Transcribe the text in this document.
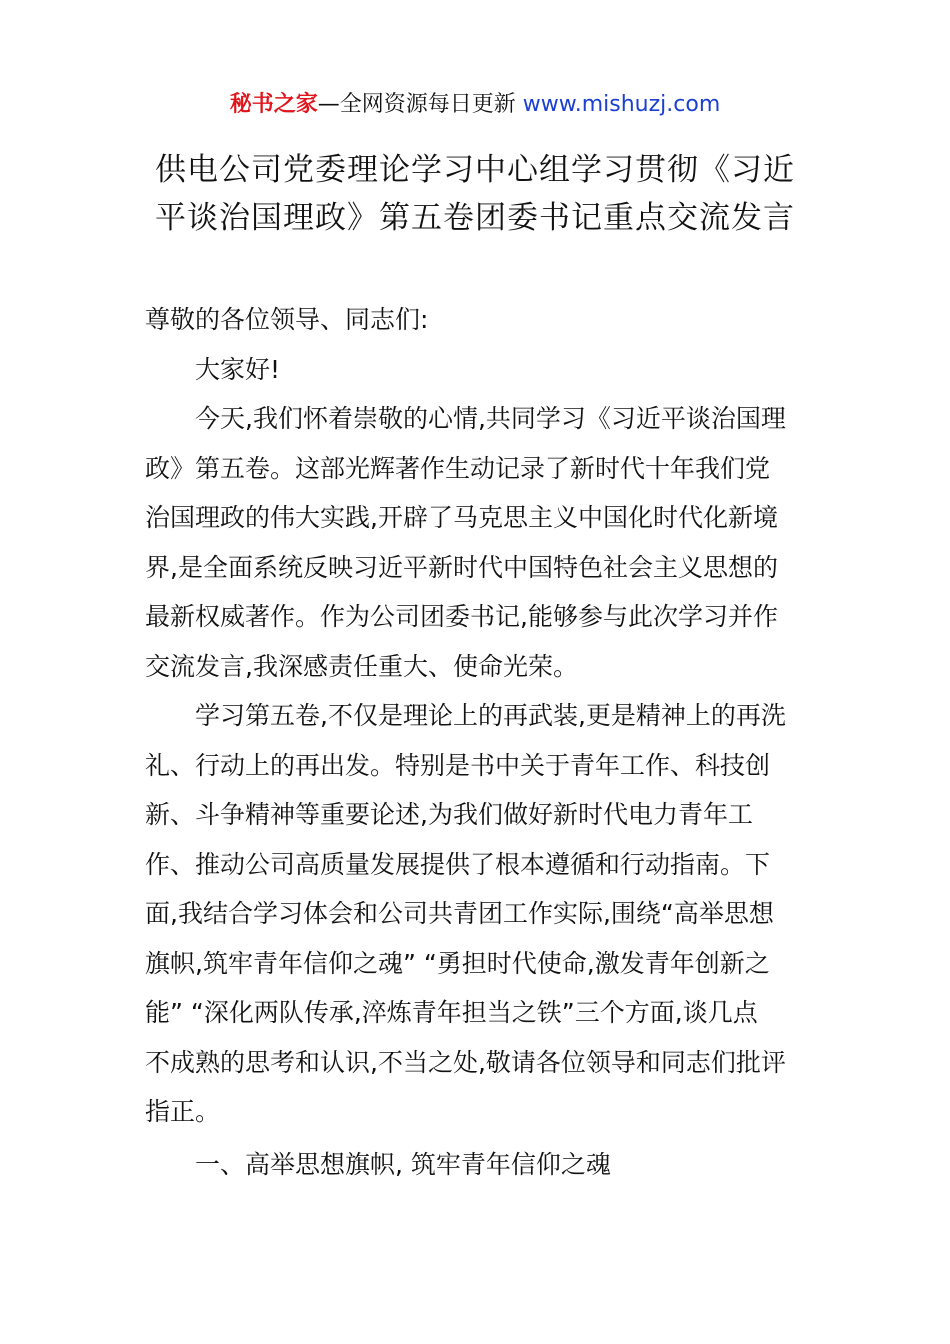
秘书之家—全网资源每日更新 www.mishuzj.com
供电公司党委理论学习中心组学习贯彻《习近
平谈治国理政》第五卷团委书记重点交流发言

尊敬的各位领导、同志们:

大家好!

今天,我们怀着崇敬的心情,共同学习《习近平谈治国理
政》第五卷。这部光辉著作生动记录了新时代十年我们党
治国理政的伟大实践,开辟了马克思主义中国化时代化新境
界,是全面系统反映习近平新时代中国特色社会主义思想的
最新权威著作。作为公司团委书记,能够参与此次学习并作
交流发言,我深感责任重大、使命光荣。

学习第五卷,不仅是理论上的再武装,更是精神上的再洗
礼、行动上的再出发。特别是书中关于青年工作、科技创
新、斗争精神等重要论述,为我们做好新时代电力青年工
作、推动公司高质量发展提供了根本遵循和行动指南。下
面,我结合学习体会和公司共青团工作实际,围绕“高举思想
旗帜,筑牢青年信仰之魂” “勇担时代使命,激发青年创新之
能” “深化两队传承,淬炼青年担当之铁”三个方面,谈几点
不成熟的思考和认识,不当之处,敬请各位领导和同志们批评
指正。

一、高举思想旗帜, 筑牢青年信仰之魂
